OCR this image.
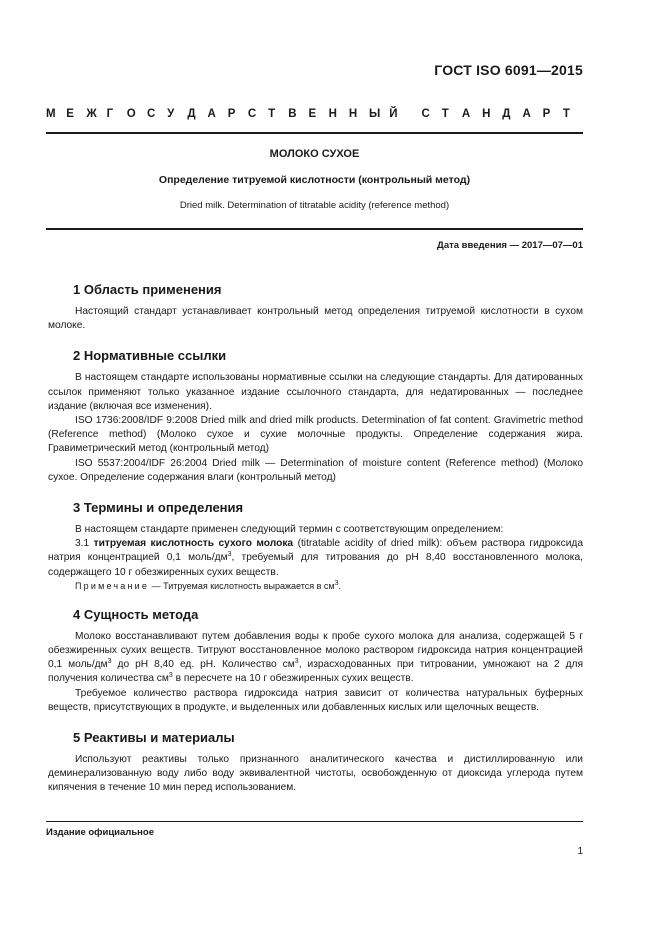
ГОСТ ISO 6091—2015
М Е	Ж Г	О С	У	Д	А	Р	С	Т	В	Е	Н	Н	Ы Й	С	Т	А	Н	Д	А	Р	Т
МОЛОКО СУХОЕ
Определение титруемой кислотности (контрольный метод)
Dried milk. Determination of titratable acidity (reference method)
Дата введения — 2017—07—01
1 Область применения

Настоящий стандарт устанавливает контрольный метод определения титруемой кислотности в сухом молоке.

2 Нормативные ссылки

В настоящем стандарте использованы нормативные ссылки на следующие стандарты. Для датированных ссылок применяют только указанное издание ссылочного стандарта, для недатированных — последнее издание (включая все изменения).

ISO 1736:2008/IDF 9:2008 Dried milk and dried milk products. Determination of fat content. Gravimetric method (Reference method) (Молоко сухое и сухие молочные продукты. Определение содержания жира. Гравиметрический метод (контрольный метод)

ISO 5537:2004/IDF 26:2004 Dried milk — Determination of moisture content (Reference method) (Молоко сухое. Определение содержания влаги (контрольный метод)

3 Термины и определения

В настоящем стандарте применен следующий термин с соответствующим определением:

3.1 титруемая кислотность сухого молока (titratable acidity of dried milk): объем раствора гидроксида натрия концентрацией 0,1 моль/$дм^3$, требуемый для титрования до pH 8,40 восстановленного молока, содержащего 10 г обезжиренных сухих веществ.

Примечание — Титруемая кислотность выражается в $см^3$.

4 Сущность метода

Молоко восстанавливают путем добавления воды к пробе сухого молока для анализа, содержащей 5 г обезжиренных сухих веществ. Титруют восстановленное молоко раствором гидроксида натрия концентрацией 0,1 моль/$дм^3$ до pH 8,40 ед. pH. Количество $см^3$, израсходованных при титровании, умножают на 2 для получения количества $см^3$ в пересчете на 10 г обезжиренных сухих веществ.

Требуемое количество раствора гидроксида натрия зависит от количества натуральных буферных веществ, присутствующих в продукте, и выделенных или добавленных кислых или щелочных веществ.

5 Реактивы и материалы

Используют реактивы только признанного аналитического качества и дистиллированную или деминерализованную воду либо воду эквивалентной чистоты, освобожденную от диоксида углерода путем кипячения в течение 10 мин перед использованием.

Издание официальное
1
